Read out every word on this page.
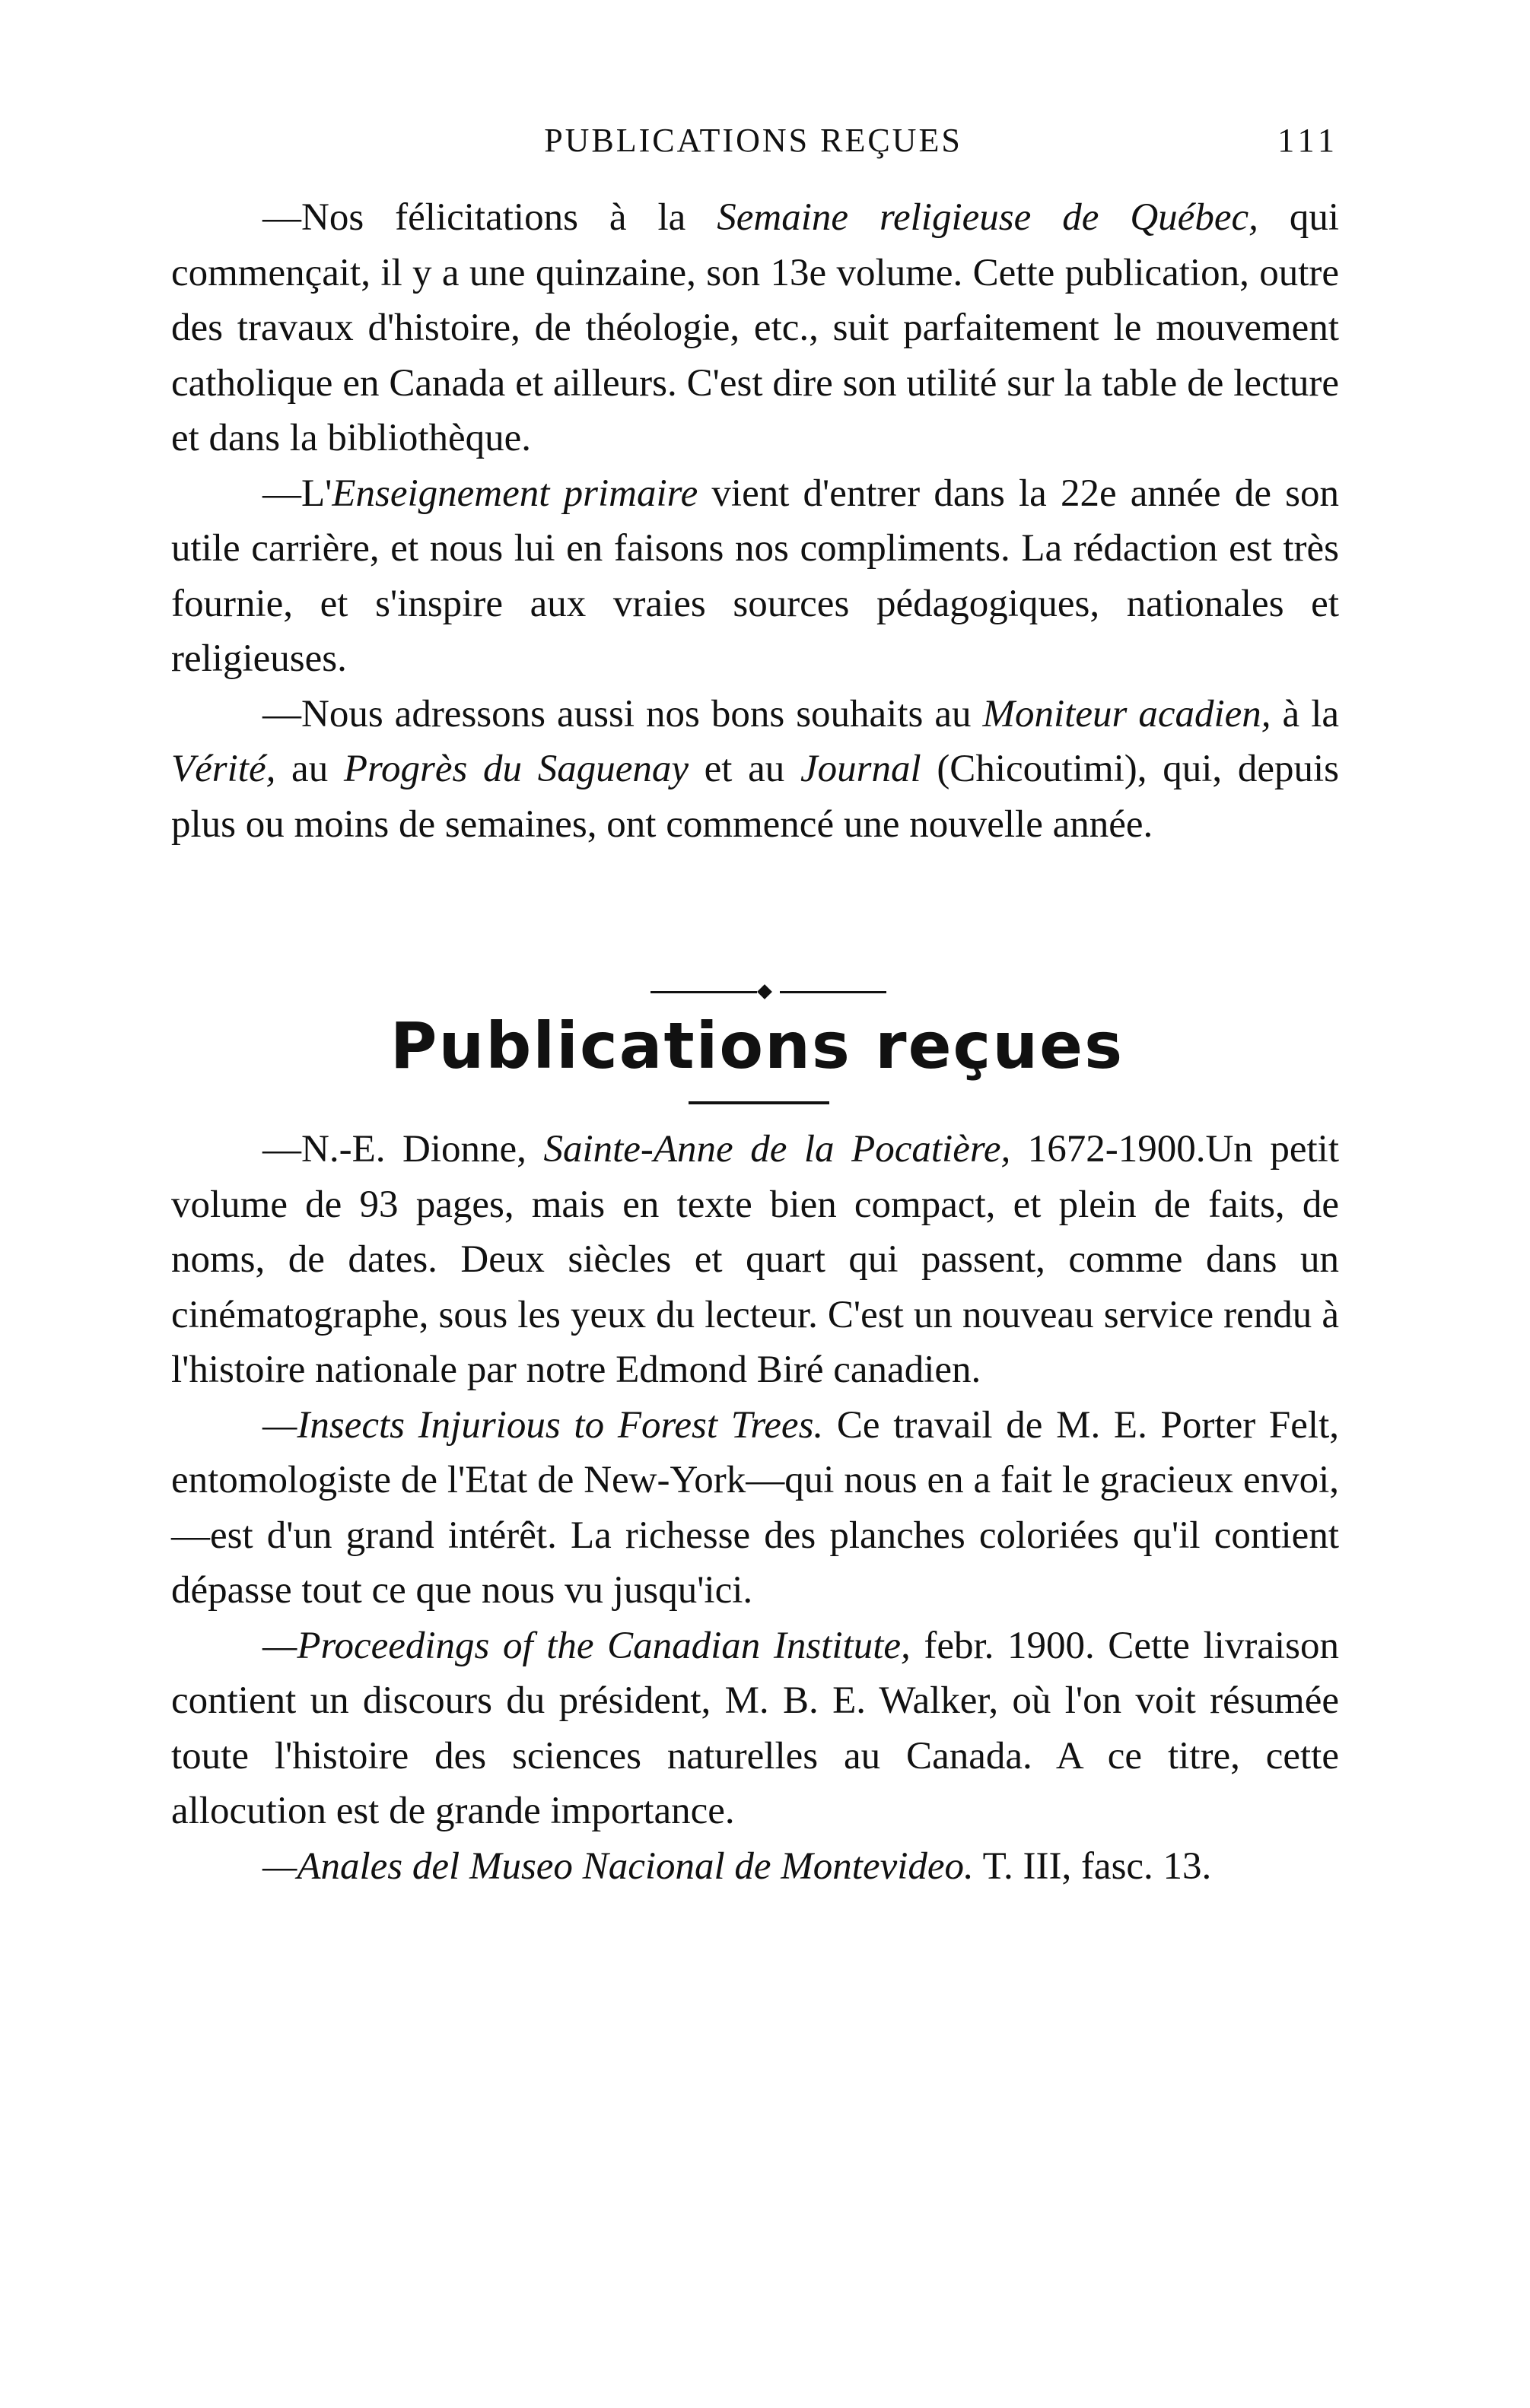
PUBLICATIONS REÇUES	111

—Nos félicitations à la Semaine religieuse de Québec, qui commençait, il y a une quinzaine, son 13e volume. Cette publication, outre des travaux d'histoire, de théologie, etc., suit parfaitement le mouvement catholique en Canada et ailleurs. C'est dire son utilité sur la table de lecture et dans la bibliothèque.

—L'Enseignement primaire vient d'entrer dans la 22e année de son utile carrière, et nous lui en faisons nos compliments. La rédaction est très fournie, et s'inspire aux vraies sources pédagogiques, nationales et religieuses.

—Nous adressons aussi nos bons souhaits au Moniteur acadien, à la Vérité, au Progrès du Saguenay et au Journal (Chicoutimi), qui, depuis plus ou moins de semaines, ont commencé une nouvelle année.

Publications reçues

—N.-E. Dionne, Sainte-Anne de la Pocatière, 1672-1900.Un petit volume de 93 pages, mais en texte bien compact, et plein de faits, de noms, de dates. Deux siècles et quart qui passent, comme dans un cinématographe, sous les yeux du lecteur. C'est un nouveau service rendu à l'histoire nationale par notre Edmond Biré canadien.

—Insects Injurious to Forest Trees. Ce travail de M. E. Porter Felt, entomologiste de l'Etat de New-York—qui nous en a fait le gracieux envoi,—est d'un grand intérêt. La richesse des planches coloriées qu'il contient dépasse tout ce que nous vu jusqu'ici.

—Proceedings of the Canadian Institute, febr. 1900. Cette livraison contient un discours du président, M. B. E. Walker, où l'on voit résumée toute l'histoire des sciences naturelles au Canada. A ce titre, cette allocution est de grande importance.

—Anales del Museo Nacional de Montevideo. T. III, fasc. 13.
